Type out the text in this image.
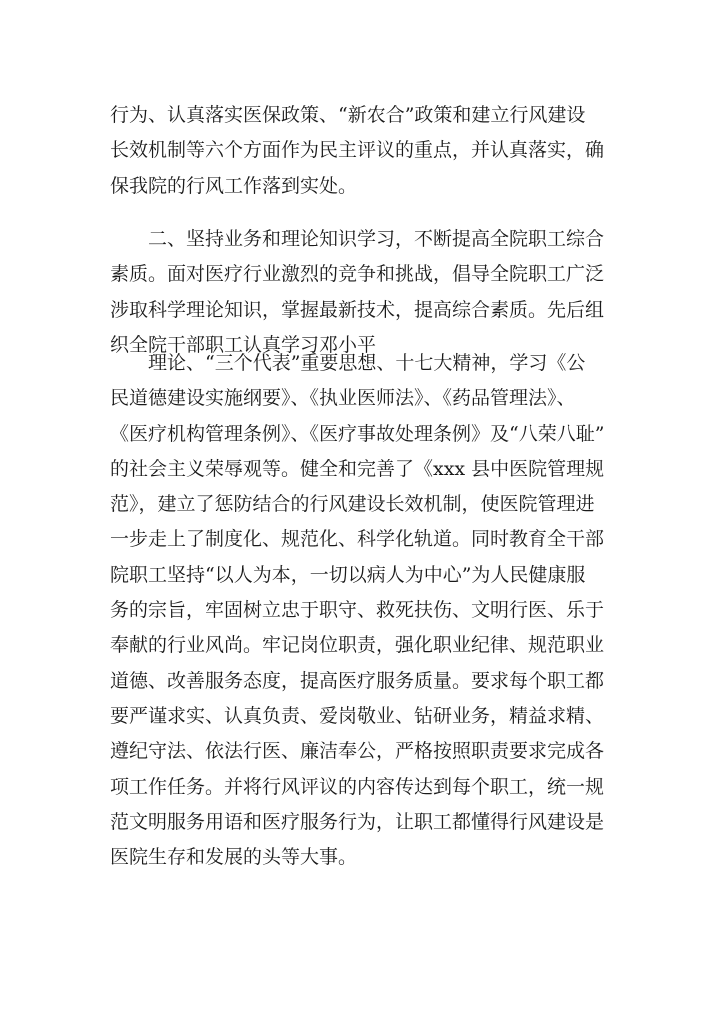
行为、认真落实医保政策、“新农合”政策和建立行风建设
长效机制等六个方面作为民主评议的重点，并认真落实，确
保我院的行风工作落到实处。
二、坚持业务和理论知识学习，不断提高全院职工综合
素质。面对医疗行业激烈的竞争和挑战，倡导全院职工广泛
涉取科学理论知识，掌握最新技术，提高综合素质。先后组
织全院干部职工认真学习邓小平
理论、“三个代表”重要思想、十七大精神，学习《公
民道德建设实施纲要》、《执业医师法》、《药品管理法》、
《医疗机构管理条例》、《医疗事故处理条例》及“八荣八耻”
的社会主义荣辱观等。健全和完善了《xxx 县中医院管理规
范》，建立了惩防结合的行风建设长效机制，使医院管理进
一步走上了制度化、规范化、科学化轨道。同时教育全干部
院职工坚持“以人为本，一切以病人为中心”为人民健康服
务的宗旨，牢固树立忠于职守、救死扶伤、文明行医、乐于
奉献的行业风尚。牢记岗位职责，强化职业纪律、规范职业
道德、改善服务态度，提高医疗服务质量。要求每个职工都
要严谨求实、认真负责、爱岗敬业、钻研业务，精益求精、
遵纪守法、依法行医、廉洁奉公，严格按照职责要求完成各
项工作任务。并将行风评议的内容传达到每个职工，统一规
范文明服务用语和医疗服务行为，让职工都懂得行风建设是
医院生存和发展的头等大事。
